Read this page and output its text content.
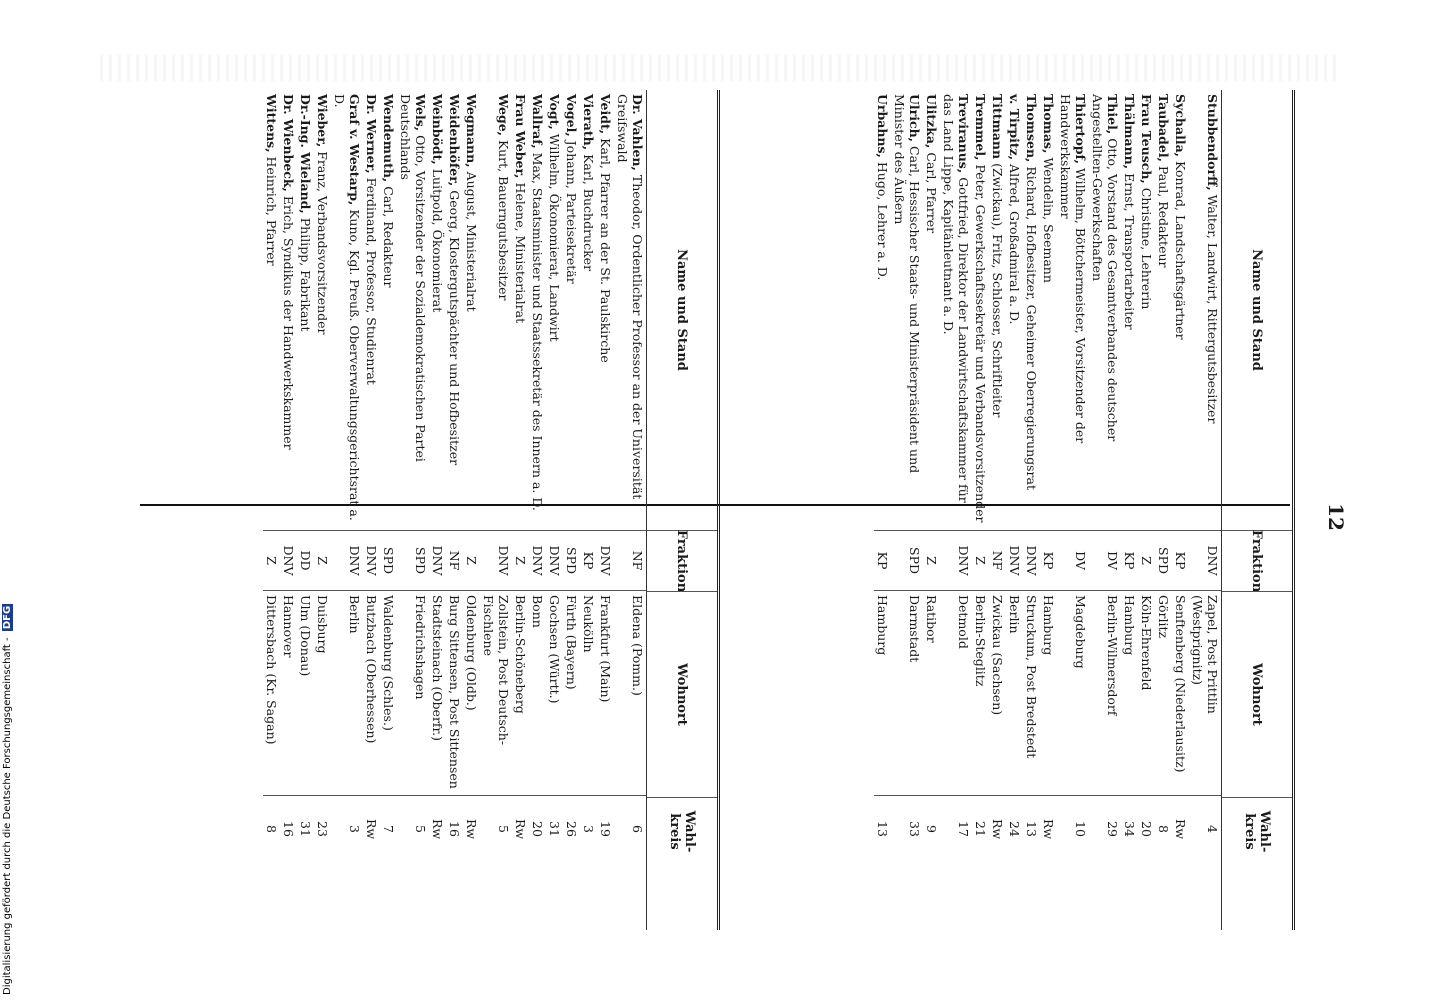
12
Name und Stand
Fraktion
Wohnort
Wahl- kreis
Stubbendorff, Walter, Landwirt, Rittergutsbesitzer
DNV
Zapel, Post Prittlin (Westprignitz)
4
Sychalla, Konrad, Landschaftsgärtner
KP
Senftenberg (Niederlausitz)
Rw
Taubadel, Paul, Redakteur
SPD
Görlitz
8
Frau Teusch, Christine, Lehrerin
Z
Köln-Ehrenfeld
20
Thälmann, Ernst, Transportarbeiter
KP
Hamburg
34
Thiel, Otto, Vorstand des Gesamtverbandes deutscher Angestellten-Gewerkschaften
DV
Berlin-Wilmersdorf
29
Thiertopf, Wilhelm, Böttchermeister, Vorsitzender der Handwerkskammer
DV
Magdeburg
10
Thomas, Wendelin, Seemann
KP
Hamburg
Rw
Thomsen, Richard, Hofbesitzer, Geheimer Oberregierungsrat
DNV
Struckum, Post Bredstedt
13
v. Tirpitz, Alfred, Großadmiral a. D.
DNV
Berlin
24
Tittmann (Zwickau), Fritz, Schlosser, Schriftleiter
NF
Zwickau (Sachsen)
Rw
Tremmel, Peter, Gewerkschaftssekretär und Verbandsvorsitzender
Z
Berlin-Steglitz
21
Treviranus, Gottfried, Direktor der Landwirtschaftskammer für das Land Lippe, Kapitänleutnant a. D.
DNV
Detmold
17
Ulitzka, Carl, Pfarrer
Z
Ratibor
9
Ulrich, Carl, Hessischer Staats- und Ministerpräsident und Minister des Äußern
SPD
Darmstadt
33
Urbahns, Hugo, Lehrer a. D.
KP
Hamburg
13
Name und Stand
Fraktion
Wohnort
Wahl- kreis
Dr. Vahlen, Theodor, Ordentlicher Professor an der Universität Greifswald
NF
Eldena (Pomm.)
6
Veidt, Karl, Pfarrer an der St. Paulskirche
DNV
Frankfurt (Main)
19
Vierath, Karl, Buchdrucker
KP
Neukölln
3
Vogel, Johann, Parteisekretär
SPD
Fürth (Bayern)
26
Vogt, Wilhelm, Ökonomierat, Landwirt
DNV
Gochsen (Württ.)
31
Wallraf, Max, Staatsminister und Staatssekretär des Innern a. D.
DNV
Bonn
20
Frau Weber, Helene, Ministerialrat
Z
Berlin-Schöneberg
Rw
Wege, Kurt, Bauerngutsbesitzer
DNV
Zollstein, Post Deutsch-Fischlene
5
Wegmann, August, Ministerialrat
Z
Oldenburg (Oldb.)
Rw
Weidenhöfer, Georg, Klostergutspächter und Hofbesitzer
NF
Burg Sittensen, Post Sittensen
16
Weinbödt, Luitpold, Ökonomierat
DNV
Stadtsteinach (Oberfr.)
Rw
Wels, Otto, Vorsitzender der Sozialdemokratischen Partei Deutschlands
SPD
Friedrichshagen
5
Wendemuth, Carl, Redakteur
SPD
Waldenburg (Schles.)
7
Dr. Werner, Ferdinand, Professor, Studienrat
DNV
Butzbach (Oberhessen)
Rw
Graf v. Westarp, Kuno, Kgl. Preuß. Oberverwaltungsgerichtsrat a. D.
DNV
Berlin
3
Wieber, Franz, Verbandsvorsitzender
Z
Duisburg
23
Dr.-Ing. Wieland, Philipp, Fabrikant
DD
Ulm (Donau)
31
Dr. Wienbeck, Erich, Syndikus der Handwerkskammer
DNV
Hannover
16
Wittens, Heinrich, Pfarrer
Z
Dittersbach (Kr. Sagan)
8
Digitalisierung gefördert durch die Deutsche Forschungsgemeinschaft - DFG
